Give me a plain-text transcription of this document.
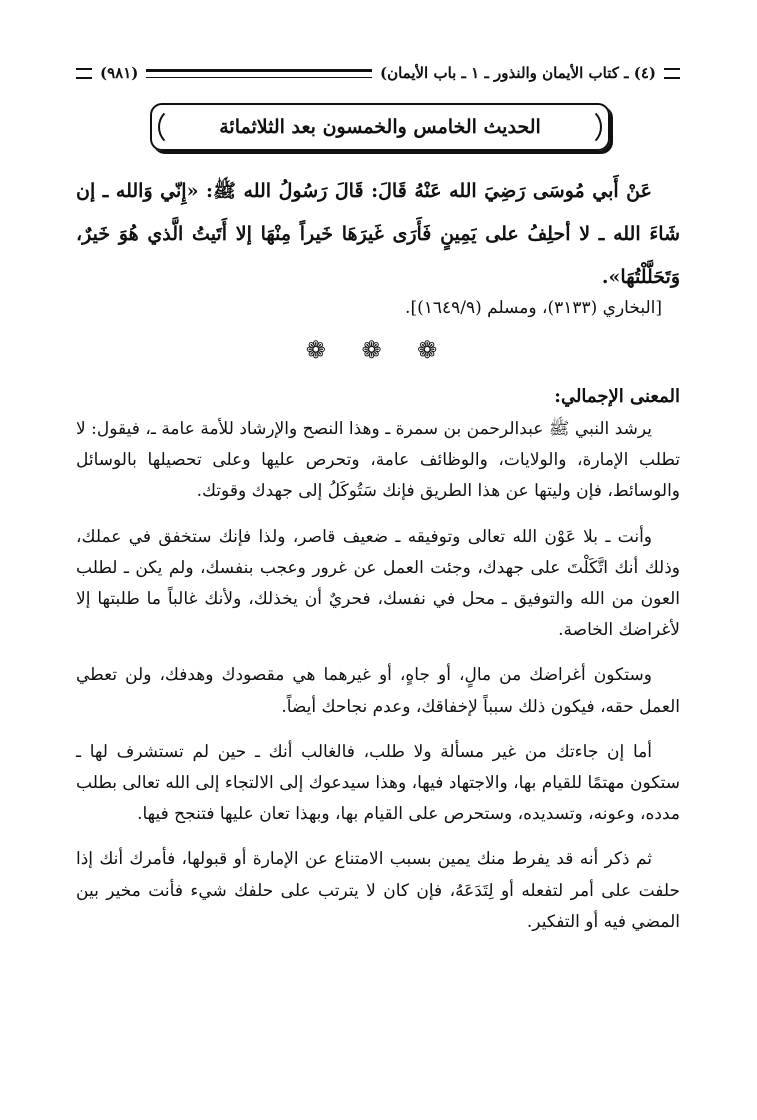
(٤) ـ كتاب الأيمان والنذور ـ ١ ـ باب الأيمان)
(٩٨١)
الحديث الخامس والخمسون بعد الثلاثمائة

عَنْ أَبي مُوسَى رَضِيَ الله عَنْهُ قَالَ: قَالَ رَسُولُ الله ﷺ: «إِنّي وَالله ـ إن شَاءَ الله ـ لا أحلِفُ على يَمِينٍ فَأَرَى غَيرَهَا خَيراً مِنْهَا إلا أَتَيتُ الَّذي هُوَ خَيرٌ، وَتَحَلَّلْتُهَا».

[البخاري (٣١٣٣)، ومسلم (١٦٤٩/٩)].
❁ ❁ ❁
المعنى الإجمالي:

يرشد النبي ﷺ عبدالرحمن بن سمرة ـ وهذا النصح والإرشاد للأمة عامة ـ، فيقول: لا تطلب الإمارة، والولايات، والوظائف عامة، وتحرص عليها وعلى تحصيلها بالوسائل والوسائط، فإن وليتها عن هذا الطريق فإنك سَتُوكَلُ إلى جهدك وقوتك.

وأنت ـ بلا عَوْن الله تعالى وتوفيقه ـ ضعيف قاصر، ولذا فإنك ستخفق في عملك، وذلك أنك اتَّكَلْتَ على جهدك، وجئت العمل عن غرور وعجب بنفسك، ولم يكن ـ لطلب العون من الله والتوفيق ـ محل في نفسك، فحريٌ أن يخذلك، ولأنك غالباً ما طلبتها إلا لأغراضك الخاصة.

وستكون أغراضك من مالٍ، أو جاهٍ، أو غيرهما هي مقصودك وهدفك، ولن تعطي العمل حقه، فيكون ذلك سبباً لإخفاقك، وعدم نجاحك أيضاً.

أما إن جاءتك من غير مسألة ولا طلب، فالغالب أنك ـ حين لم تستشرف لها ـ ستكون مهتمًا للقيام بها، والاجتهاد فيها، وهذا سيدعوك إلى الالتجاء إلى الله تعالى بطلب مدده، وعونه، وتسديده، وستحرص على القيام بها، وبهذا تعان عليها فتنجح فيها.

ثم ذكر أنه قد يفرط منك يمين بسبب الامتناع عن الإمارة أو قبولها، فأمرك أنك إذا حلفت على أمر لتفعله أو لِتَدَعَهُ، فإن كان لا يترتب على حلفك شيء فأنت مخير بين المضي فيه أو التفكير.
